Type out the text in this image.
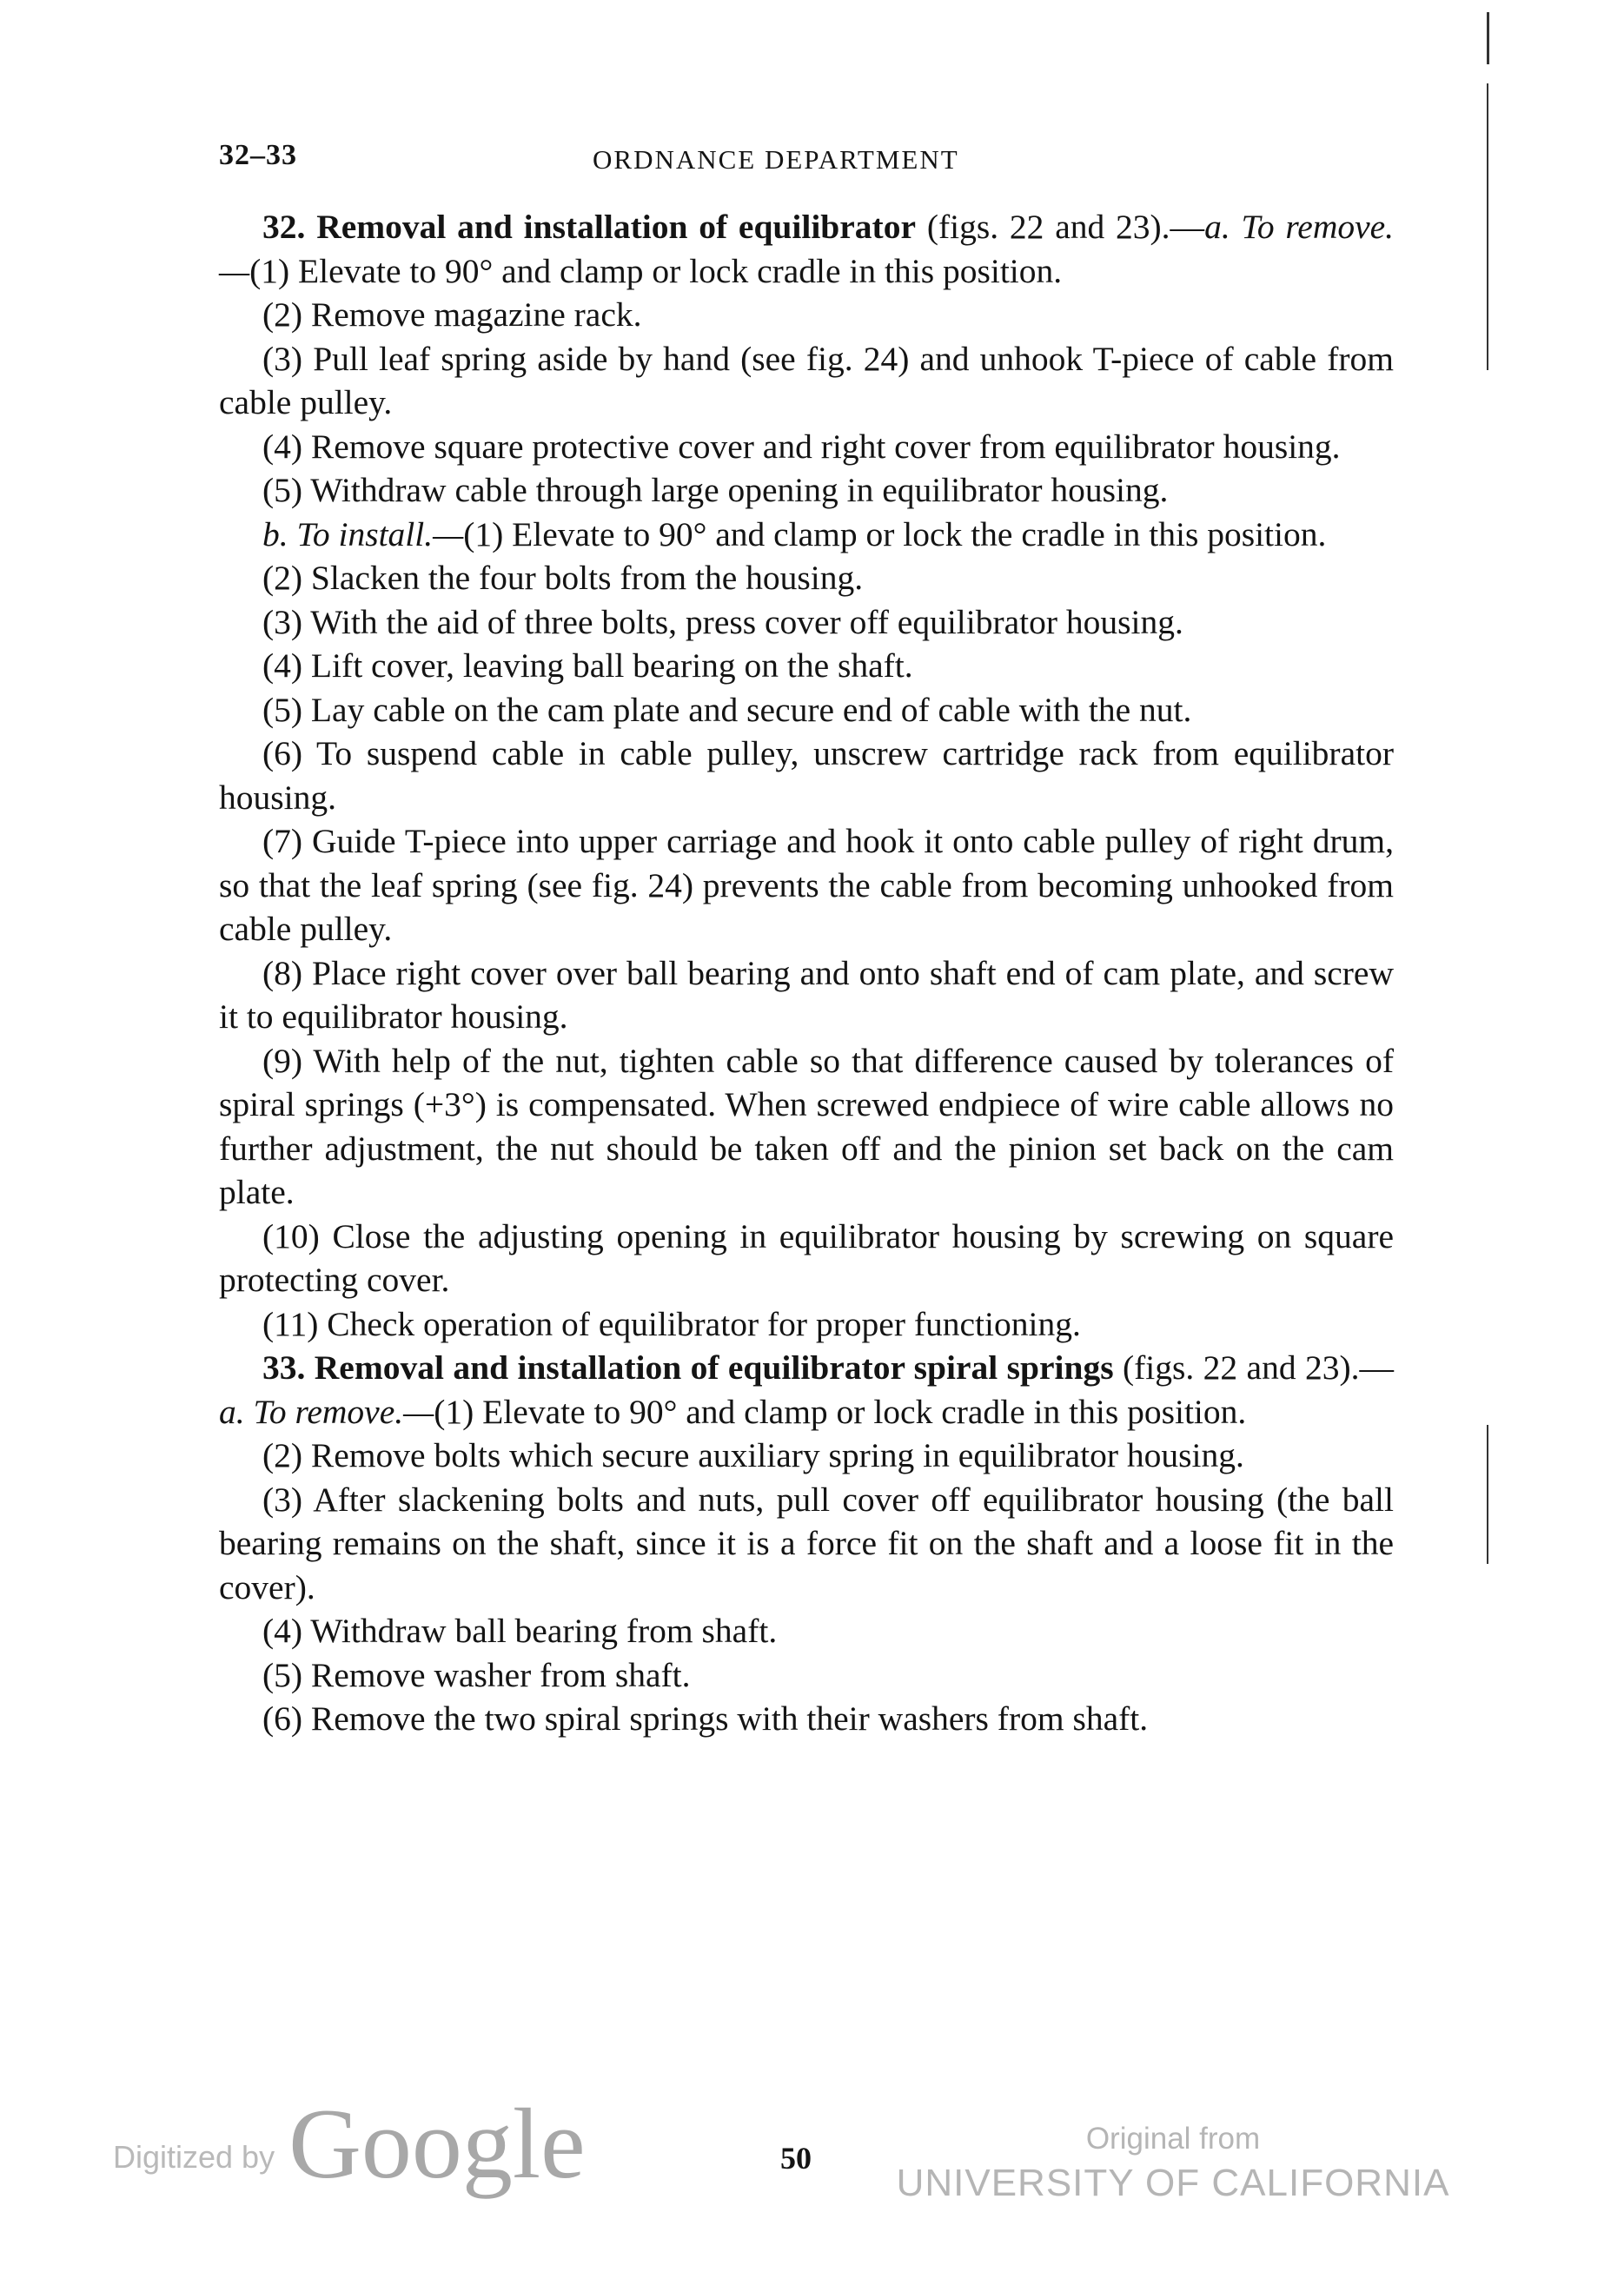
32–33	ORDNANCE DEPARTMENT

32. Removal and installation of equilibrator (figs. 22 and 23).—a. To remove.—(1) Elevate to 90° and clamp or lock cradle in this position.

(2) Remove magazine rack.

(3) Pull leaf spring aside by hand (see fig. 24) and unhook T-piece of cable from cable pulley.

(4) Remove square protective cover and right cover from equilibrator housing.

(5) Withdraw cable through large opening in equilibrator housing.

b. To install.—(1) Elevate to 90° and clamp or lock the cradle in this position.

(2) Slacken the four bolts from the housing.

(3) With the aid of three bolts, press cover off equilibrator housing.

(4) Lift cover, leaving ball bearing on the shaft.

(5) Lay cable on the cam plate and secure end of cable with the nut.

(6) To suspend cable in cable pulley, unscrew cartridge rack from equilibrator housing.

(7) Guide T-piece into upper carriage and hook it onto cable pulley of right drum, so that the leaf spring (see fig. 24) prevents the cable from becoming unhooked from cable pulley.

(8) Place right cover over ball bearing and onto shaft end of cam plate, and screw it to equilibrator housing.

(9) With help of the nut, tighten cable so that difference caused by tolerances of spiral springs (+3°) is compensated. When screwed endpiece of wire cable allows no further adjustment, the nut should be taken off and the pinion set back on the cam plate.

(10) Close the adjusting opening in equilibrator housing by screwing on square protecting cover.

(11) Check operation of equilibrator for proper functioning.

33. Removal and installation of equilibrator spiral springs (figs. 22 and 23).—a. To remove.—(1) Elevate to 90° and clamp or lock cradle in this position.

(2) Remove bolts which secure auxiliary spring in equilibrator housing.

(3) After slackening bolts and nuts, pull cover off equilibrator housing (the ball bearing remains on the shaft, since it is a force fit on the shaft and a loose fit in the cover).

(4) Withdraw ball bearing from shaft.

(5) Remove washer from shaft.

(6) Remove the two spiral springs with their washers from shaft.

Digitized by Google	50
Original from
UNIVERSITY OF CALIFORNIA
